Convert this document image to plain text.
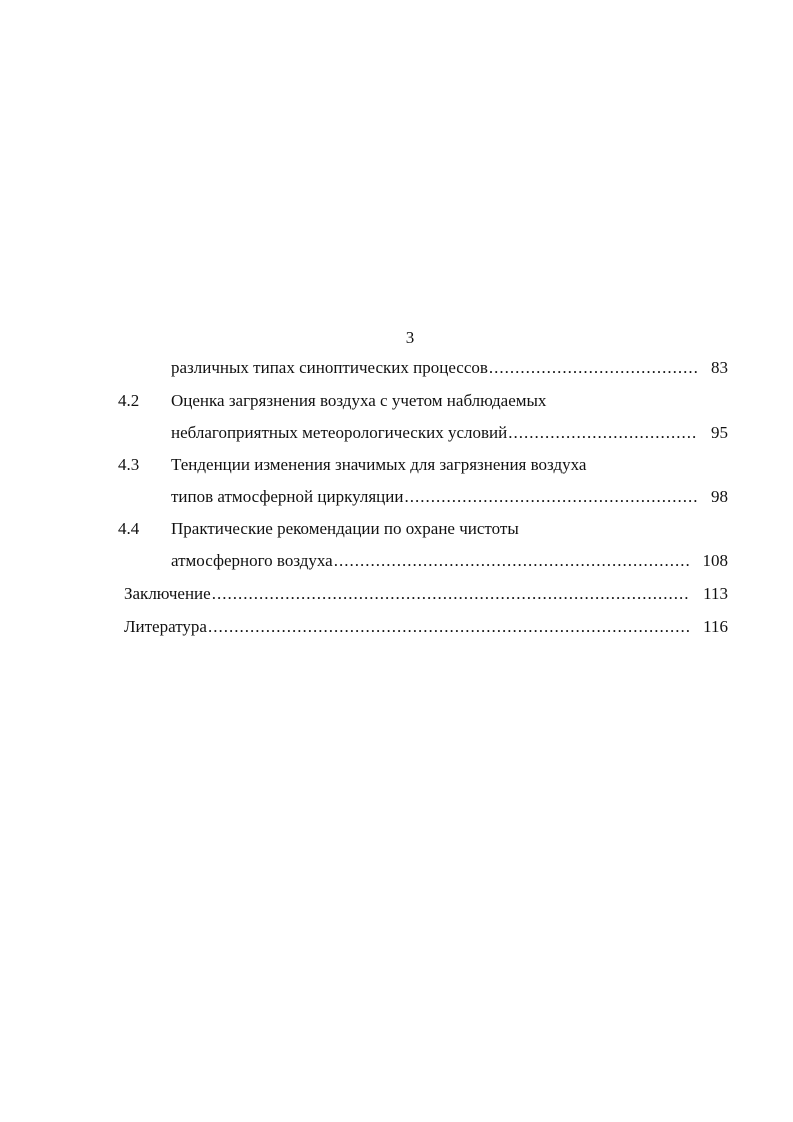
3
различных типах синоптических процессов .....	83
4.2 Оценка загрязнения воздуха с учетом наблюдаемых
неблагоприятных метеорологических условий .....	95
4.3 Тенденции изменения значимых для загрязнения воздуха
типов атмосферной циркуляции .....	98
4.4 Практические рекомендации по охране чистоты
атмосферного воздуха .....	108
Заключение .....	113
Литература .....	116
